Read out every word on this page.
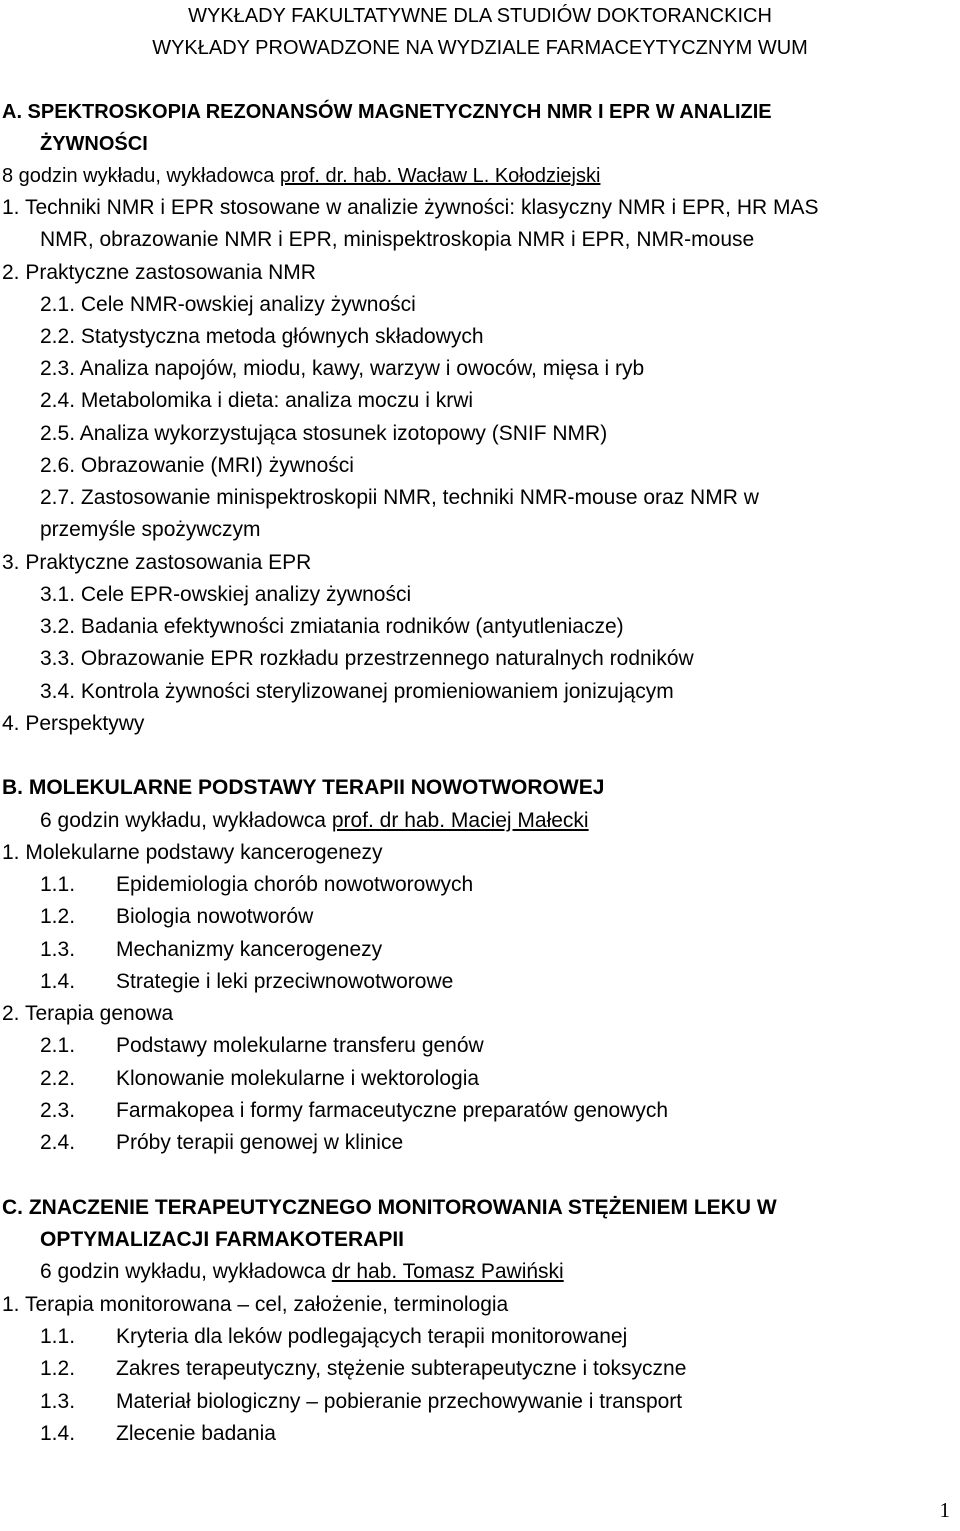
WYKŁADY FAKULTATYWNE DLA STUDIÓW DOKTORANCKICH
WYKŁADY PROWADZONE NA WYDZIALE FARMACEYTYCZNYM WUM
A. SPEKTROSKOPIA REZONANSÓW MAGNETYCZNYCH NMR I EPR W ANALIZIE
ŻYWNOŚCI
8 godzin wykładu, wykładowca prof. dr. hab. Wacław L. Kołodziejski
1. Techniki NMR i EPR stosowane w analizie żywności: klasyczny NMR i EPR, HR MAS
NMR, obrazowanie NMR i EPR, minispektroskopia NMR i EPR, NMR-mouse
2. Praktyczne zastosowania NMR
2.1. Cele NMR-owskiej analizy żywności
2.2. Statystyczna metoda głównych składowych
2.3. Analiza napojów, miodu, kawy, warzyw i owoców, mięsa i ryb
2.4. Metabolomika i dieta: analiza moczu i krwi
2.5. Analiza wykorzystująca stosunek izotopowy (SNIF NMR)
2.6. Obrazowanie (MRI) żywności
2.7. Zastosowanie minispektroskopii NMR, techniki NMR-mouse oraz NMR w
przemyśle spożywczym
3. Praktyczne zastosowania EPR
3.1. Cele EPR-owskiej analizy żywności
3.2. Badania efektywności zmiatania rodników (antyutleniacze)
3.3. Obrazowanie EPR rozkładu przestrzennego naturalnych rodników
3.4. Kontrola żywności sterylizowanej promieniowaniem jonizującym
4. Perspektywy
B. MOLEKULARNE PODSTAWY TERAPII NOWOTWOROWEJ
6 godzin wykładu, wykładowca prof. dr hab. Maciej Małecki
1. Molekularne podstawy kancerogenezy
1.1. Epidemiologia chorób nowotworowych
1.2. Biologia nowotworów
1.3. Mechanizmy kancerogenezy
1.4. Strategie i leki przeciwnowotworowe
2. Terapia genowa
2.1. Podstawy molekularne transferu genów
2.2. Klonowanie molekularne i wektorologia
2.3. Farmakopea i formy farmaceutyczne preparatów genowych
2.4. Próby terapii genowej w klinice
C. ZNACZENIE TERAPEUTYCZNEGO MONITOROWANIA STĘŻENIEM LEKU W
OPTYMALIZACJI FARMAKOTERAPII
6 godzin wykładu, wykładowca dr hab. Tomasz Pawiński
1. Terapia monitorowana – cel, założenie, terminologia
1.1. Kryteria dla leków podlegających terapii monitorowanej
1.2. Zakres terapeutyczny, stężenie subterapeutyczne i toksyczne
1.3. Materiał biologiczny – pobieranie przechowywanie i transport
1.4. Zlecenie badania
1
